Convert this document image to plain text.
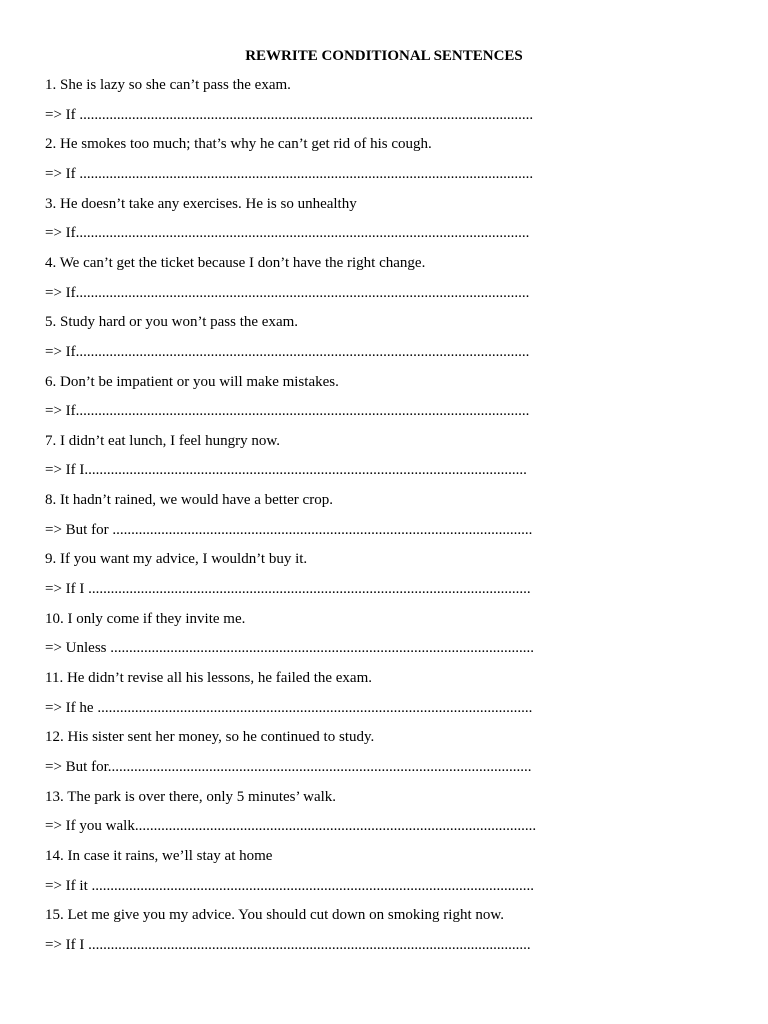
REWRITE CONDITIONAL SENTENCES
1. She is lazy so she can’t pass the exam.
=> If .........................................................................................................................
2. He smokes too much; that’s why he can’t get rid of his cough.
=> If .........................................................................................................................
3. He doesn’t take any exercises. He is so unhealthy
=> If.........................................................................................................................
4. We can’t get the ticket because I don’t have the right change.
=> If.........................................................................................................................
5. Study hard or you won’t pass the exam.
=> If.........................................................................................................................
6. Don’t be impatient or you will make mistakes.
=> If.........................................................................................................................
7. I didn’t eat lunch, I feel hungry now.
=> If I......................................................................................................................
8. It hadn’t rained, we would have a better crop.
=> But for ................................................................................................................
9. If you want my advice, I wouldn’t buy it.
=> If I ......................................................................................................................
10. I only come if they invite me.
=> Unless .................................................................................................................
11. He didn’t revise all his lessons, he failed the exam.
=> If he ....................................................................................................................
12. His sister sent her money, so he continued to study.
=> But for.................................................................................................................
13. The park is over there, only 5 minutes’ walk.
=> If you walk...........................................................................................................
14. In case it rains, we’ll stay at home
=> If it ......................................................................................................................
15. Let me give you my advice. You should cut down on smoking right now.
=> If I ......................................................................................................................
